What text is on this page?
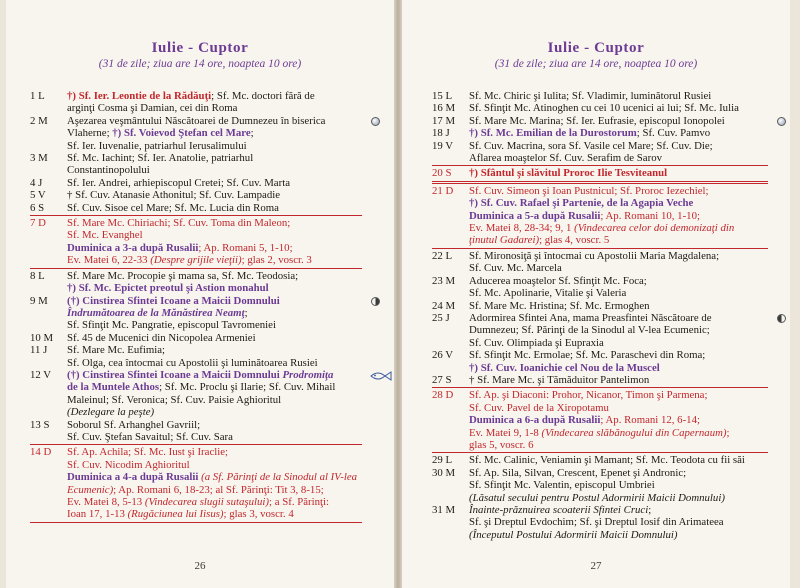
Iulie - Cuptor
(31 de zile; ziua are 14 ore, noaptea 10 ore)
1 L	†) Sf. Ier. Leontie de la Rădăuţi; Sf. Mc. doctori fără de
arginţi Cosma şi Damian, cei din Roma
2 M	Aşezarea veşmântului Născătoarei de Dumnezeu în biserica
Vlaherne; †) Sf. Voievod Ştefan cel Mare;
Sf. Ier. Iuvenalie, patriarhul Ierusalimului
3 M	Sf. Mc. Iachint; Sf. Ier. Anatolie, patriarhul
Constantinopolului
4 J	Sf. Ier. Andrei, arhiepiscopul Cretei; Sf. Cuv. Marta
5 V	† Sf. Cuv. Atanasie Athonitul; Sf. Cuv. Lampadie
6 S	Sf. Cuv. Sisoe cel Mare; Sf. Mc. Lucia din Roma
7 D	Sf. Mare Mc. Chiriachi; Sf. Cuv. Toma din Maleon;
Sf. Mc. Evanghel
Duminica a 3-a după Rusalii; Ap. Romani 5, 1-10;
Ev. Matei 6, 22-33 (Despre grijile vieţii); glas 2, voscr. 3
8 L	Sf. Mare Mc. Procopie şi mama sa, Sf. Mc. Teodosia;
†) Sf. Mc. Epictet preotul şi Astion monahul
9 M	(†) Cinstirea Sfintei Icoane a Maicii Domnului
Îndrumătoarea de la Mănăstirea Neamţ;
Sf. Sfinţit Mc. Pangratie, episcopul Tavromeniei
10 M	Sf. 45 de Mucenici din Nicopolea Armeniei
11 J	Sf. Mare Mc. Eufimia;
Sf. Olga, cea întocmai cu Apostolii şi luminătoarea Rusiei
12 V	(†) Cinstirea Sfintei Icoane a Maicii Domnului Prodromiţa
de la Muntele Athos; Sf. Mc. Proclu şi Ilarie; Sf. Cuv. Mihail
Maleinul; Sf. Veronica; Sf. Cuv. Paisie Aghioritul
(Dezlegare la peşte)
13 S	Soborul Sf. Arhanghel Gavriil;
Sf. Cuv. Ştefan Savaitul; Sf. Cuv. Sara
14 D	Sf. Ap. Achila; Sf. Mc. Iust şi Iraclie;
Sf. Cuv. Nicodim Aghioritul
Duminica a 4-a după Rusalii (a Sf. Părinţi de la Sinodul al IV-lea
Ecumenic); Ap. Romani 6, 18-23; al Sf. Părinţi: Tit 3, 8-15;
Ev. Matei 8, 5-13 (Vindecarea slugii sutaşului); a Sf. Părinţi:
Ioan 17, 1-13 (Rugăciunea lui Iisus); glas 3, voscr. 4
26
Iulie - Cuptor
(31 de zile; ziua are 14 ore, noaptea 10 ore)
15 L	Sf. Mc. Chiric şi Iulita; Sf. Vladimir, luminătorul Rusiei
16 M	Sf. Sfinţit Mc. Atinoghen cu cei 10 ucenici ai lui; Sf. Mc. Iulia
17 M	Sf. Mare Mc. Marina; Sf. Ier. Eufrasie, episcopul Ionopolei
18 J	†) Sf. Mc. Emilian de la Durostorum; Sf. Cuv. Pamvo
19 V	Sf. Cuv. Macrina, sora Sf. Vasile cel Mare; Sf. Cuv. Die;
Aflarea moaştelor Sf. Cuv. Serafim de Sarov
20 S	†) Sfântul şi slăvitul Proroc Ilie Tesviteanul
21 D	Sf. Cuv. Simeon şi Ioan Pustnicul; Sf. Proroc Iezechiel;
†) Sf. Cuv. Rafael şi Partenie, de la Agapia Veche
Duminica a 5-a după Rusalii; Ap. Romani 10, 1-10;
Ev. Matei 8, 28-34; 9, 1 (Vindecarea celor doi demonizaţi din
ţinutul Gadarei); glas 4, voscr. 5
22 L	Sf. Mironosiţă şi întocmai cu Apostolii Maria Magdalena;
Sf. Cuv. Mc. Marcela
23 M	Aducerea moaştelor Sf. Sfinţit Mc. Foca;
Sf. Mc. Apolinarie, Vitalie şi Valeria
24 M	Sf. Mare Mc. Hristina; Sf. Mc. Ermoghen
25 J	Adormirea Sfintei Ana, mama Preasfintei Născătoare de
Dumnezeu; Sf. Părinţi de la Sinodul al V-lea Ecumenic;
Sf. Cuv. Olimpiada şi Eupraxia
26 V	Sf. Sfinţit Mc. Ermolae; Sf. Mc. Paraschevi din Roma;
†) Sf. Cuv. Ioanichie cel Nou de la Muscel
27 S	† Sf. Mare Mc. şi Tămăduitor Pantelimon
28 D	Sf. Ap. şi Diaconi: Prohor, Nicanor, Timon şi Parmena;
Sf. Cuv. Pavel de la Xiropotamu
Duminica a 6-a după Rusalii; Ap. Romani 12, 6-14;
Ev. Matei 9, 1-8 (Vindecarea slăbănogului din Capernaum);
glas 5, voscr. 6
29 L	Sf. Mc. Calinic, Veniamin şi Mamant; Sf. Mc. Teodota cu fii săi
30 M	Sf. Ap. Sila, Silvan, Crescent, Epenet şi Andronic;
Sf. Sfinţit Mc. Valentin, episcopul Umbriei
(Lăsatul secului pentru Postul Adormirii Maicii Domnului)
31 M	Înainte-prăznuirea scoaterii Sfintei Cruci;
Sf. şi Dreptul Evdochim; Sf. şi Dreptul Iosif din Arimateea
(Începutul Postului Adormirii Maicii Domnului)
27
